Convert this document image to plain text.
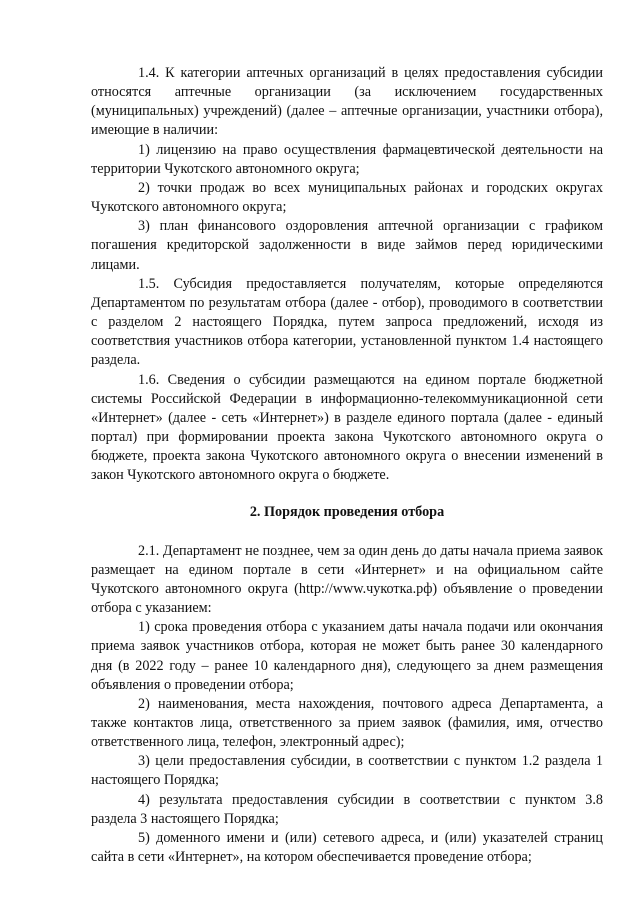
1.4. К категории аптечных организаций в целях предоставления субсидии относятся аптечные организации (за исключением государственных (муниципальных) учреждений) (далее – аптечные организации, участники отбора), имеющие в наличии:

1) лицензию на право осуществления фармацевтической деятельности на территории Чукотского автономного округа;

2) точки продаж во всех муниципальных районах и городских округах Чукотского автономного округа;

3) план финансового оздоровления аптечной организации с графиком погашения кредиторской задолженности в виде займов перед юридическими лицами.

1.5. Субсидия предоставляется получателям, которые определяются Департаментом по результатам отбора (далее - отбор), проводимого в соответствии с разделом 2 настоящего Порядка, путем запроса предложений, исходя из соответствия участников отбора категории, установленной пунктом 1.4 настоящего раздела.

1.6. Сведения о субсидии размещаются на едином портале бюджетной системы Российской Федерации в информационно-телекоммуникационной сети «Интернет» (далее - сеть «Интернет») в разделе единого портала (далее - единый портал) при формировании проекта закона Чукотского автономного округа о бюджете, проекта закона Чукотского автономного округа о внесении изменений в закон Чукотского автономного округа о бюджете.

2. Порядок проведения отбора

2.1. Департамент не позднее, чем за один день до даты начала приема заявок размещает на едином портале в сети «Интернет» и на официальном сайте Чукотского автономного округа (http://www.чукотка.рф) объявление о проведении отбора с указанием:

1) срока проведения отбора с указанием даты начала подачи или окончания приема заявок участников отбора, которая не может быть ранее 30 календарного дня (в 2022 году – ранее 10 календарного дня), следующего за днем размещения объявления о проведении отбора;

2) наименования, места нахождения, почтового адреса Департамента, а также контактов лица, ответственного за прием заявок (фамилия, имя, отчество ответственного лица, телефон, электронный адрес);

3) цели предоставления субсидии, в соответствии с пунктом 1.2 раздела 1 настоящего Порядка;

4) результата предоставления субсидии в соответствии с пунктом 3.8 раздела 3 настоящего Порядка;

5) доменного имени и (или) сетевого адреса, и (или) указателей страниц сайта в сети «Интернет», на котором обеспечивается проведение отбора;
